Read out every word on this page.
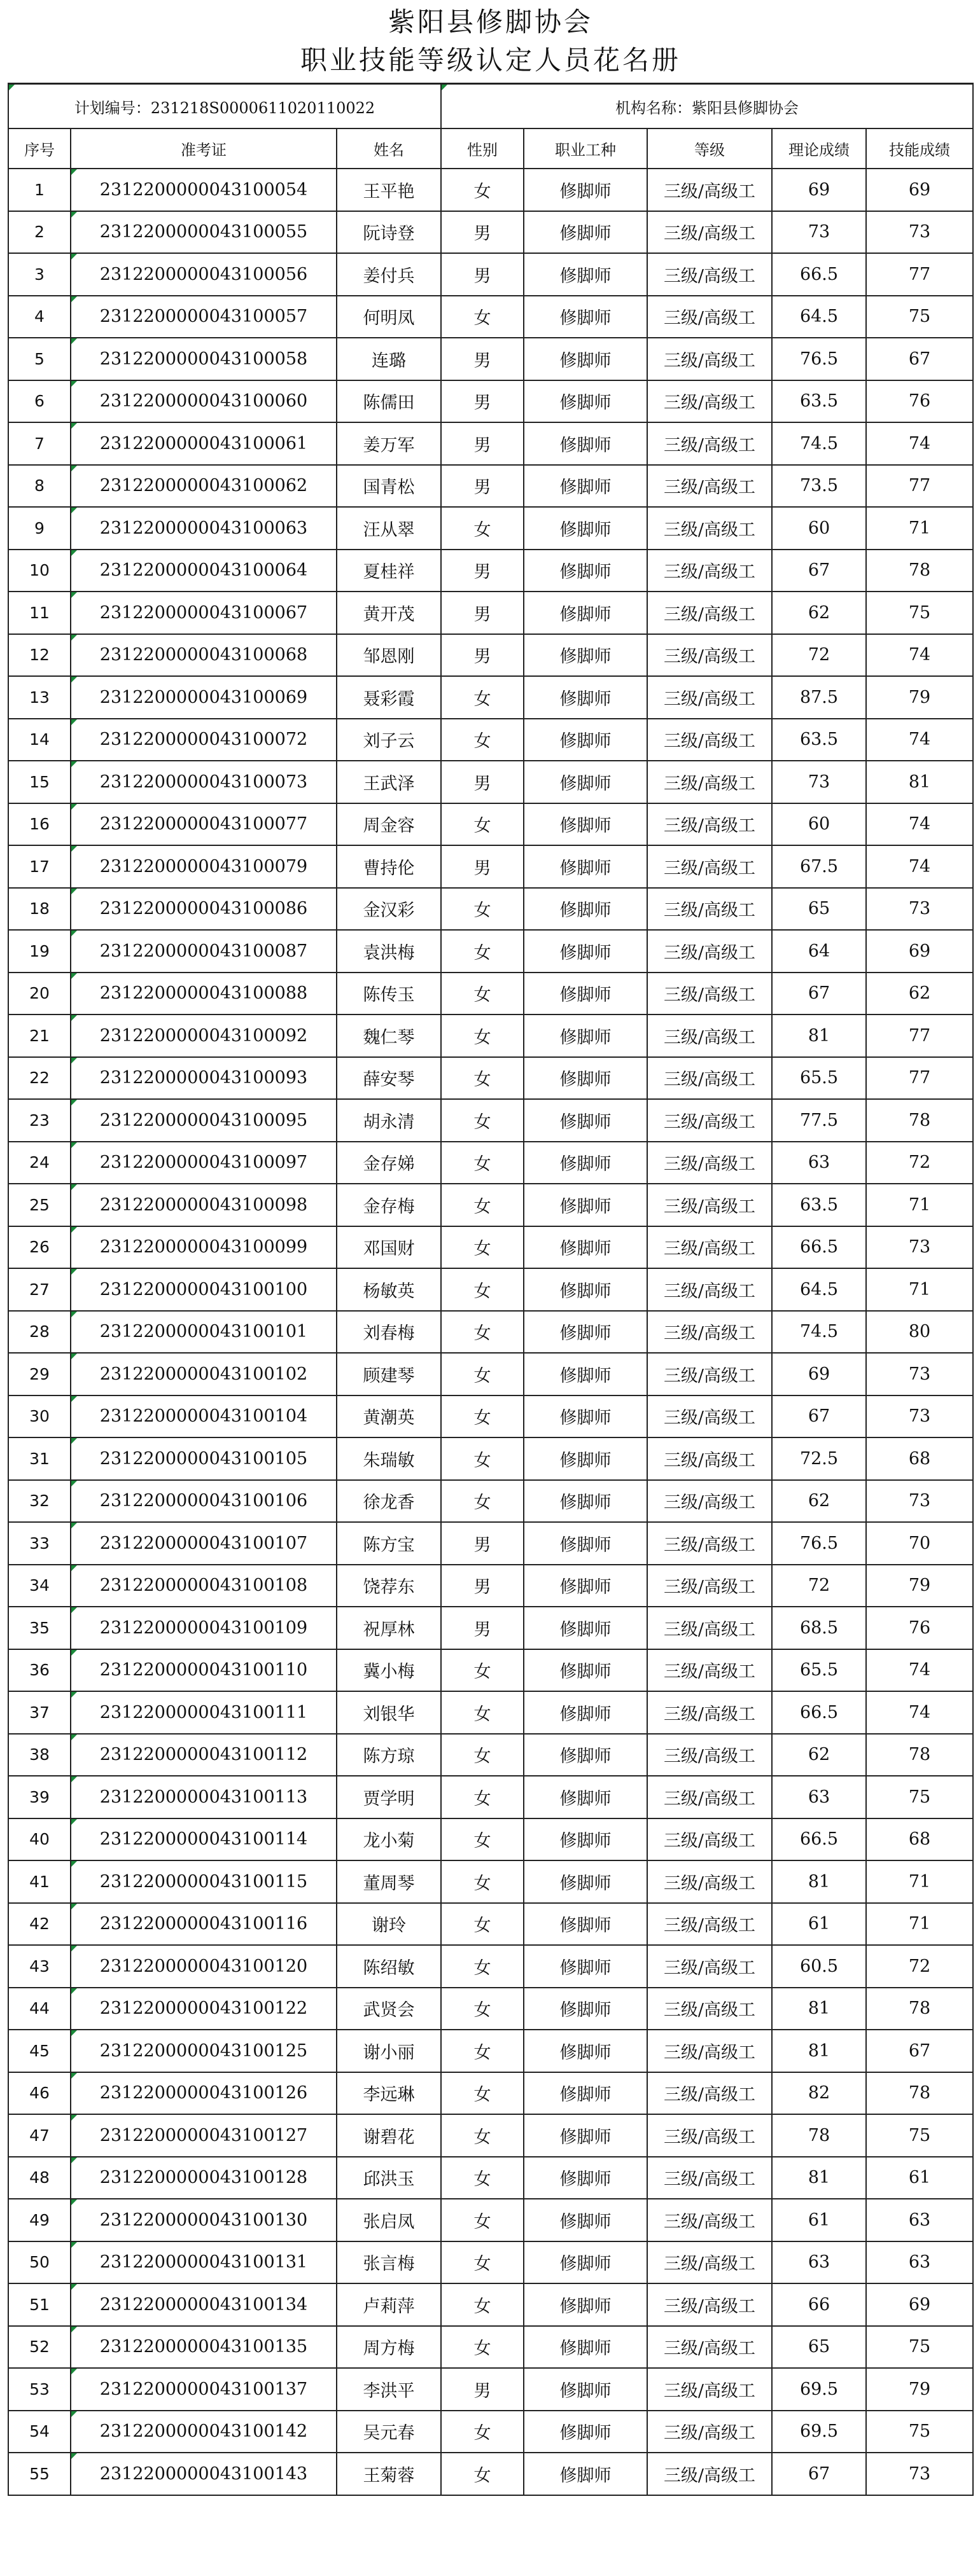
紫阳县修脚协会
职业技能等级认定人员花名册							

计划编号：231218S0000611020110022			机构名称：紫阳县修脚协会				
序号	准考证	姓名	性别	职业工种	等级	理论成绩	技能成绩
1	2312200000043100054	王平艳	女	修脚师	三级/高级工	69	69
2	2312200000043100055	阮诗登	男	修脚师	三级/高级工	73	73
3	2312200000043100056	姜付兵	男	修脚师	三级/高级工	66.5	77
4	2312200000043100057	何明凤	女	修脚师	三级/高级工	64.5	75
5	2312200000043100058	连璐	男	修脚师	三级/高级工	76.5	67
6	2312200000043100060	陈儒田	男	修脚师	三级/高级工	63.5	76
7	2312200000043100061	姜万军	男	修脚师	三级/高级工	74.5	74
8	2312200000043100062	国青松	男	修脚师	三级/高级工	73.5	77
9	2312200000043100063	汪从翠	女	修脚师	三级/高级工	60	71
10	2312200000043100064	夏桂祥	男	修脚师	三级/高级工	67	78
11	2312200000043100067	黄开茂	男	修脚师	三级/高级工	62	75
12	2312200000043100068	邹恩刚	男	修脚师	三级/高级工	72	74
13	2312200000043100069	聂彩霞	女	修脚师	三级/高级工	87.5	79
14	2312200000043100072	刘子云	女	修脚师	三级/高级工	63.5	74
15	2312200000043100073	王武泽	男	修脚师	三级/高级工	73	81
16	2312200000043100077	周金容	女	修脚师	三级/高级工	60	74
17	2312200000043100079	曹持伦	男	修脚师	三级/高级工	67.5	74
18	2312200000043100086	金汉彩	女	修脚师	三级/高级工	65	73
19	2312200000043100087	袁洪梅	女	修脚师	三级/高级工	64	69
20	2312200000043100088	陈传玉	女	修脚师	三级/高级工	67	62
21	2312200000043100092	魏仁琴	女	修脚师	三级/高级工	81	77
22	2312200000043100093	薛安琴	女	修脚师	三级/高级工	65.5	77
23	2312200000043100095	胡永清	女	修脚师	三级/高级工	77.5	78
24	2312200000043100097	金存娣	女	修脚师	三级/高级工	63	72
25	2312200000043100098	金存梅	女	修脚师	三级/高级工	63.5	71
26	2312200000043100099	邓国财	女	修脚师	三级/高级工	66.5	73
27	2312200000043100100	杨敏英	女	修脚师	三级/高级工	64.5	71
28	2312200000043100101	刘春梅	女	修脚师	三级/高级工	74.5	80
29	2312200000043100102	顾建琴	女	修脚师	三级/高级工	69	73
30	2312200000043100104	黄潮英	女	修脚师	三级/高级工	67	73
31	2312200000043100105	朱瑞敏	女	修脚师	三级/高级工	72.5	68
32	2312200000043100106	徐龙香	女	修脚师	三级/高级工	62	73
33	2312200000043100107	陈方宝	男	修脚师	三级/高级工	76.5	70
34	2312200000043100108	饶荐东	男	修脚师	三级/高级工	72	79
35	2312200000043100109	祝厚林	男	修脚师	三级/高级工	68.5	76
36	2312200000043100110	冀小梅	女	修脚师	三级/高级工	65.5	74
37	2312200000043100111	刘银华	女	修脚师	三级/高级工	66.5	74
38	2312200000043100112	陈方琼	女	修脚师	三级/高级工	62	78
39	2312200000043100113	贾学明	女	修脚师	三级/高级工	63	75
40	2312200000043100114	龙小菊	女	修脚师	三级/高级工	66.5	68
41	2312200000043100115	董周琴	女	修脚师	三级/高级工	81	71
42	2312200000043100116	谢玲	女	修脚师	三级/高级工	61	71
43	2312200000043100120	陈绍敏	女	修脚师	三级/高级工	60.5	72
44	2312200000043100122	武贤会	女	修脚师	三级/高级工	81	78
45	2312200000043100125	谢小丽	女	修脚师	三级/高级工	81	67
46	2312200000043100126	李远琳	女	修脚师	三级/高级工	82	78
47	2312200000043100127	谢碧花	女	修脚师	三级/高级工	78	75
48	2312200000043100128	邱洪玉	女	修脚师	三级/高级工	81	61
49	2312200000043100130	张启凤	女	修脚师	三级/高级工	61	63
50	2312200000043100131	张言梅	女	修脚师	三级/高级工	63	63
51	2312200000043100134	卢莉萍	女	修脚师	三级/高级工	66	69
52	2312200000043100135	周方梅	女	修脚师	三级/高级工	65	75
53	2312200000043100137	李洪平	男	修脚师	三级/高级工	69.5	79
54	2312200000043100142	吴元春	女	修脚师	三级/高级工	69.5	75
55	2312200000043100143	王菊蓉	女	修脚师	三级/高级工	67	73
